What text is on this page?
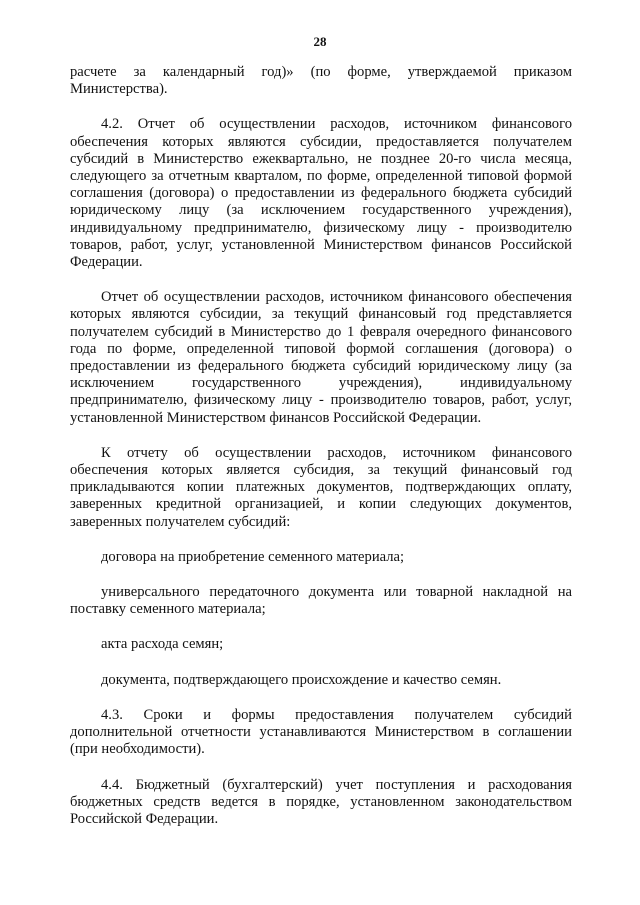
28

расчете за календарный год)» (по форме, утверждаемой приказом Министерства).

4.2. Отчет об осуществлении расходов, источником финансового обеспечения которых являются субсидии, предоставляется получателем субсидий в Министерство ежеквартально, не позднее 20-го числа месяца, следующего за отчетным кварталом, по форме, определенной типовой формой соглашения (договора) о предоставлении из федерального бюджета субсидий юридическому лицу (за исключением государственного учреждения), индивидуальному предпринимателю, физическому лицу - производителю товаров, работ, услуг, установленной Министерством финансов Российской Федерации.

Отчет об осуществлении расходов, источником финансового обеспечения которых являются субсидии, за текущий финансовый год представляется получателем субсидий в Министерство до 1 февраля очередного финансового года по форме, определенной типовой формой соглашения (договора) о предоставлении из федерального бюджета субсидий юридическому лицу (за исключением государственного учреждения), индивидуальному предпринимателю, физическому лицу - производителю товаров, работ, услуг, установленной Министерством финансов Российской Федерации.

К отчету об осуществлении расходов, источником финансового обеспечения которых является субсидия, за текущий финансовый год прикладываются копии платежных документов, подтверждающих оплату, заверенных кредитной организацией, и копии следующих документов, заверенных получателем субсидий:

договора на приобретение семенного материала;

универсального передаточного документа или товарной накладной на поставку семенного материала;

акта расхода семян;

документа, подтверждающего происхождение и качество семян.

4.3. Сроки и формы предоставления получателем субсидий дополнительной отчетности устанавливаются Министерством в соглашении (при необходимости).

4.4. Бюджетный (бухгалтерский) учет поступления и расходования бюджетных средств ведется в порядке, установленном законодательством Российской Федерации.
